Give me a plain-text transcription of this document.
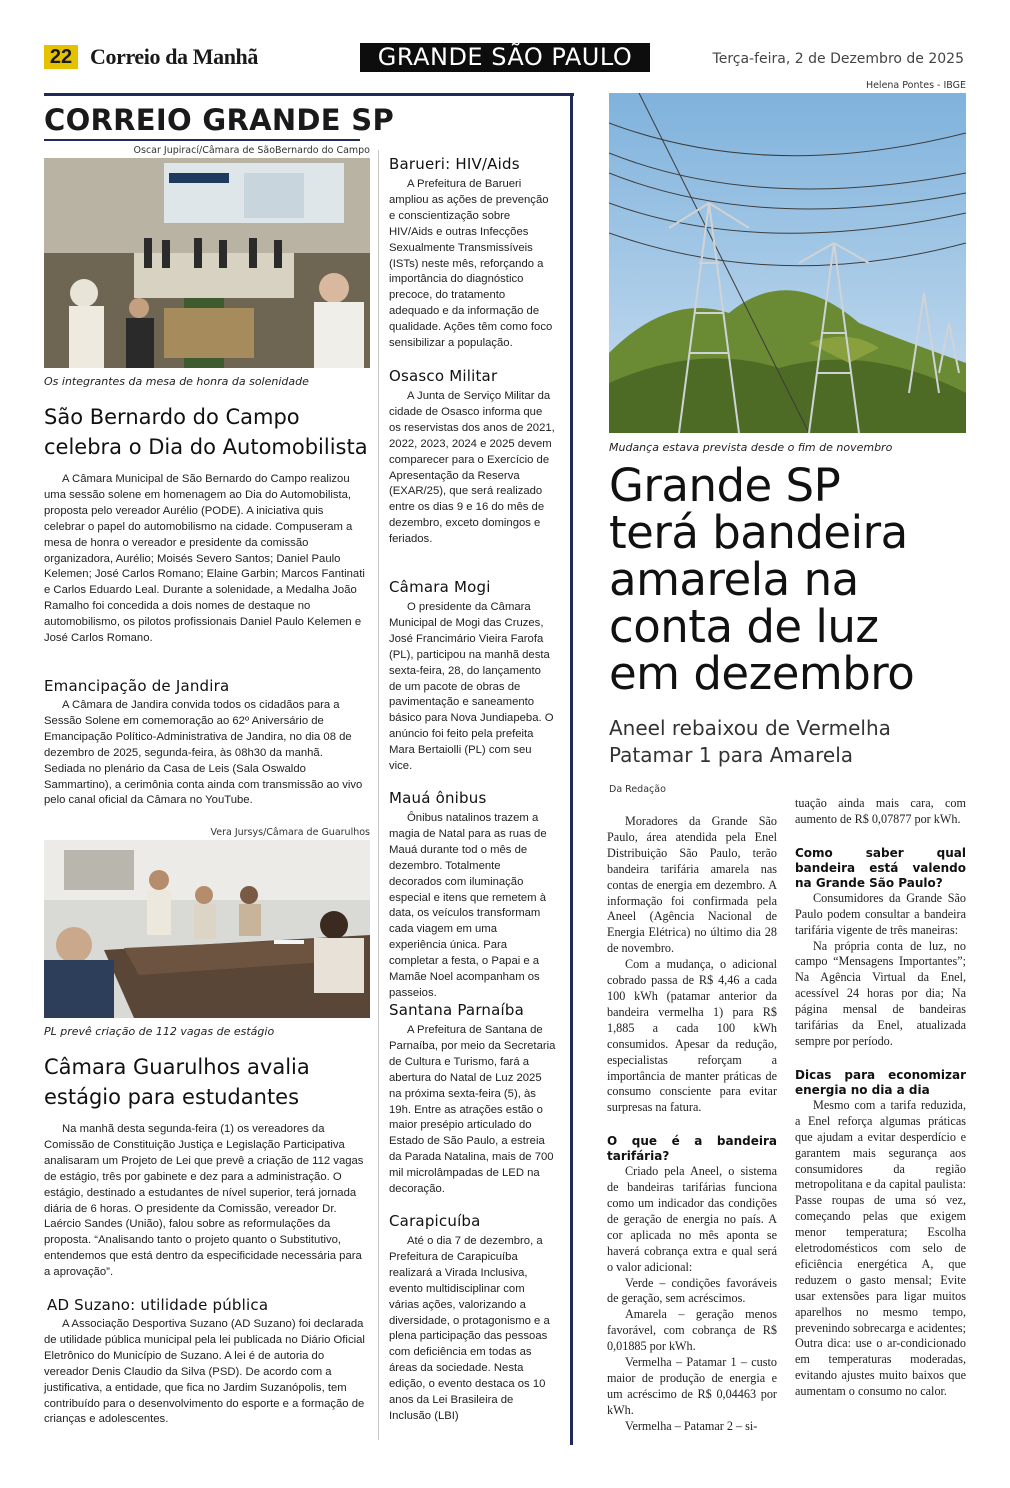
22 Correio da Manhã	GRANDE SÃO PAULO	Terça-feira, 2 de Dezembro de 2025
CORREIO GRANDE SP
Oscar Jupirací/Câmara de SãoBernardo do Campo
Os integrantes da mesa de honra da solenidade
São Bernardo do Campo
celebra o Dia do Automobilista

A Câmara Municipal de São Bernardo do Campo realizou uma sessão solene em homenagem ao Dia do Automobilista, proposta pelo vereador Aurélio (PODE). A iniciativa quis celebrar o papel do automobilismo na cidade. Compuseram a mesa de honra o vereador e presidente da comissão organizadora, Aurélio; Moisés Severo Santos; Daniel Paulo Kelemen; José Carlos Romano; Elaine Garbin; Marcos Fantinati e Carlos Eduardo Leal. Durante a solenidade, a Medalha João Ramalho foi concedida a dois nomes de destaque no automobilismo, os pilotos profissionais Daniel Paulo Kelemen e José Carlos Romano.

Emancipação de Jandira

A Câmara de Jandira convida todos os cidadãos para a Sessão Solene em comemoração ao 62º Aniversário de Emancipação Político-Administrativa de Jandira, no dia 08 de dezembro de 2025, segunda-feira, às 08h30 da manhã. Sediada no plenário da Casa de Leis (Sala Oswaldo Sammartino), a cerimônia conta ainda com transmissão ao vivo pelo canal oficial da Câmara no YouTube.

Vera Jursys/Câmara de Guarulhos
PL prevê criação de 112 vagas de estágio
Câmara Guarulhos avalia
estágio para estudantes

Na manhã desta segunda-feira (1) os vereadores da Comissão de Constituição Justiça e Legislação Participativa analisaram um Projeto de Lei que prevê a criação de 112 vagas de estágio, três por gabinete e dez para a administração. O estágio, destinado a estudantes de nível superior, terá jornada diária de 6 horas. O presidente da Comissão, vereador Dr. Laércio Sandes (União), falou sobre as reformulações da proposta. “Analisando tanto o projeto quanto o Substitutivo, entendemos que está dentro da especificidade necessária para a aprovação”.

AD Suzano: utilidade pública

A Associação Desportiva Suzano (AD Suzano) foi declarada de utilidade pública municipal pela lei publicada no Diário Oficial Eletrônico do Município de Suzano. A lei é de autoria do vereador Denis Claudio da Silva (PSD). De acordo com a justificativa, a entidade, que fica no Jardim Suzanópolis, tem contribuído para o desenvolvimento do esporte e a formação de crianças e adolescentes.

Barueri: HIV/Aids

A Prefeitura de Barueri ampliou as ações de prevenção e conscientização sobre HIV/Aids e outras Infecções Sexualmente Transmissíveis (ISTs) neste mês, reforçando a importância do diagnóstico precoce, do tratamento adequado e da informação de qualidade. Ações têm como foco sensibilizar a população.

Osasco Militar

A Junta de Serviço Militar da cidade de Osasco informa que os reservistas dos anos de 2021, 2022, 2023, 2024 e 2025 devem comparecer para o Exercício de Apresentação da Reserva (EXAR/25), que será realizado entre os dias 9 e 16 do mês de dezembro, exceto domingos e feriados.

Câmara Mogi

O presidente da Câmara Municipal de Mogi das Cruzes, José Francimário Vieira Farofa (PL), participou na manhã desta sexta-feira, 28, do lançamento de um pacote de obras de pavimentação e saneamento básico para Nova Jundiapeba. O anúncio foi feito pela prefeita Mara Bertaiolli (PL) com seu vice.

Mauá ônibus

Ônibus natalinos trazem a magia de Natal para as ruas de Mauá durante tod o mês de dezembro. Totalmente decorados com iluminação especial e itens que remetem à data, os veículos transformam cada viagem em uma experiência única. Para completar a festa, o Papai e a Mamãe Noel acompanham os passeios.

Santana Parnaíba

A Prefeitura de Santana de Parnaíba, por meio da Secretaria de Cultura e Turismo, fará a abertura do Natal de Luz 2025 na próxima sexta-feira (5), às 19h. Entre as atrações estão o maior presépio articulado do Estado de São Paulo, a estreia da Parada Natalina, mais de 700 mil microlâmpadas de LED na decoração.

Carapicuíba

Até o dia 7 de dezembro, a Prefeitura de Carapicuíba realizará a Virada Inclusiva, evento multidisciplinar com várias ações, valorizando a diversidade, o protagonismo e a plena participação das pessoas com deficiência em todas as áreas da sociedade. Nesta edição, o evento destaca os 10 anos da Lei Brasileira de Inclusão (LBI)

Helena Pontes - IBGE
Mudança estava prevista desde o fim de novembro
Grande SP
terá bandeira
amarela na
conta de luz
em dezembro
Aneel rebaixou de Vermelha Patamar 1 para Amarela
Da Redação

Moradores da Grande São Paulo, área atendida pela Enel Distribuição São Paulo, terão bandeira tarifária amarela nas contas de energia em dezembro. A informação foi confirmada pela Aneel (Agência Nacional de Energia Elétrica) no último dia 28 de novembro.

Com a mudança, o adicional cobrado passa de R$ 4,46 a cada 100 kWh (patamar anterior da bandeira vermelha 1) para R$ 1,885 a cada 100 kWh consumidos. Apesar da redução, especialistas reforçam a importância de manter práticas de consumo consciente para evitar surpresas na fatura.

O que é a bandeira tarifária?

Criado pela Aneel, o sistema de bandeiras tarifárias funciona como um indicador das condições de geração de energia no país. A cor aplicada no mês aponta se haverá cobrança extra e qual será o valor adicional:

Verde – condições favoráveis de geração, sem acréscimos.

Amarela – geração menos favorável, com cobrança de R$ 0,01885 por kWh.

Vermelha – Patamar 1 – custo maior de produção de energia e um acréscimo de R$ 0,04463 por kWh.

Vermelha – Patamar 2 – si-

tuação ainda mais cara, com aumento de R$ 0,07877 por kWh.

Como saber qual bandeira está valendo na Grande São Paulo?

Consumidores da Grande São Paulo podem consultar a bandeira tarifária vigente de três maneiras:

Na própria conta de luz, no campo “Mensagens Importantes”; Na Agência Virtual da Enel, acessível 24 horas por dia; Na página mensal de bandeiras tarifárias da Enel, atualizada sempre por período.

Dicas para economizar energia no dia a dia

Mesmo com a tarifa reduzida, a Enel reforça algumas práticas que ajudam a evitar desperdício e garantem mais segurança aos consumidores da região metropolitana e da capital paulista: Passe roupas de uma só vez, começando pelas que exigem menor temperatura; Escolha eletrodomésticos com selo de eficiência energética A, que reduzem o gasto mensal; Evite usar extensões para ligar muitos aparelhos no mesmo tempo, prevenindo sobrecarga e acidentes; Outra dica: use o ar-condicionado em temperaturas moderadas, evitando ajustes muito baixos que aumentam o consumo no calor.
